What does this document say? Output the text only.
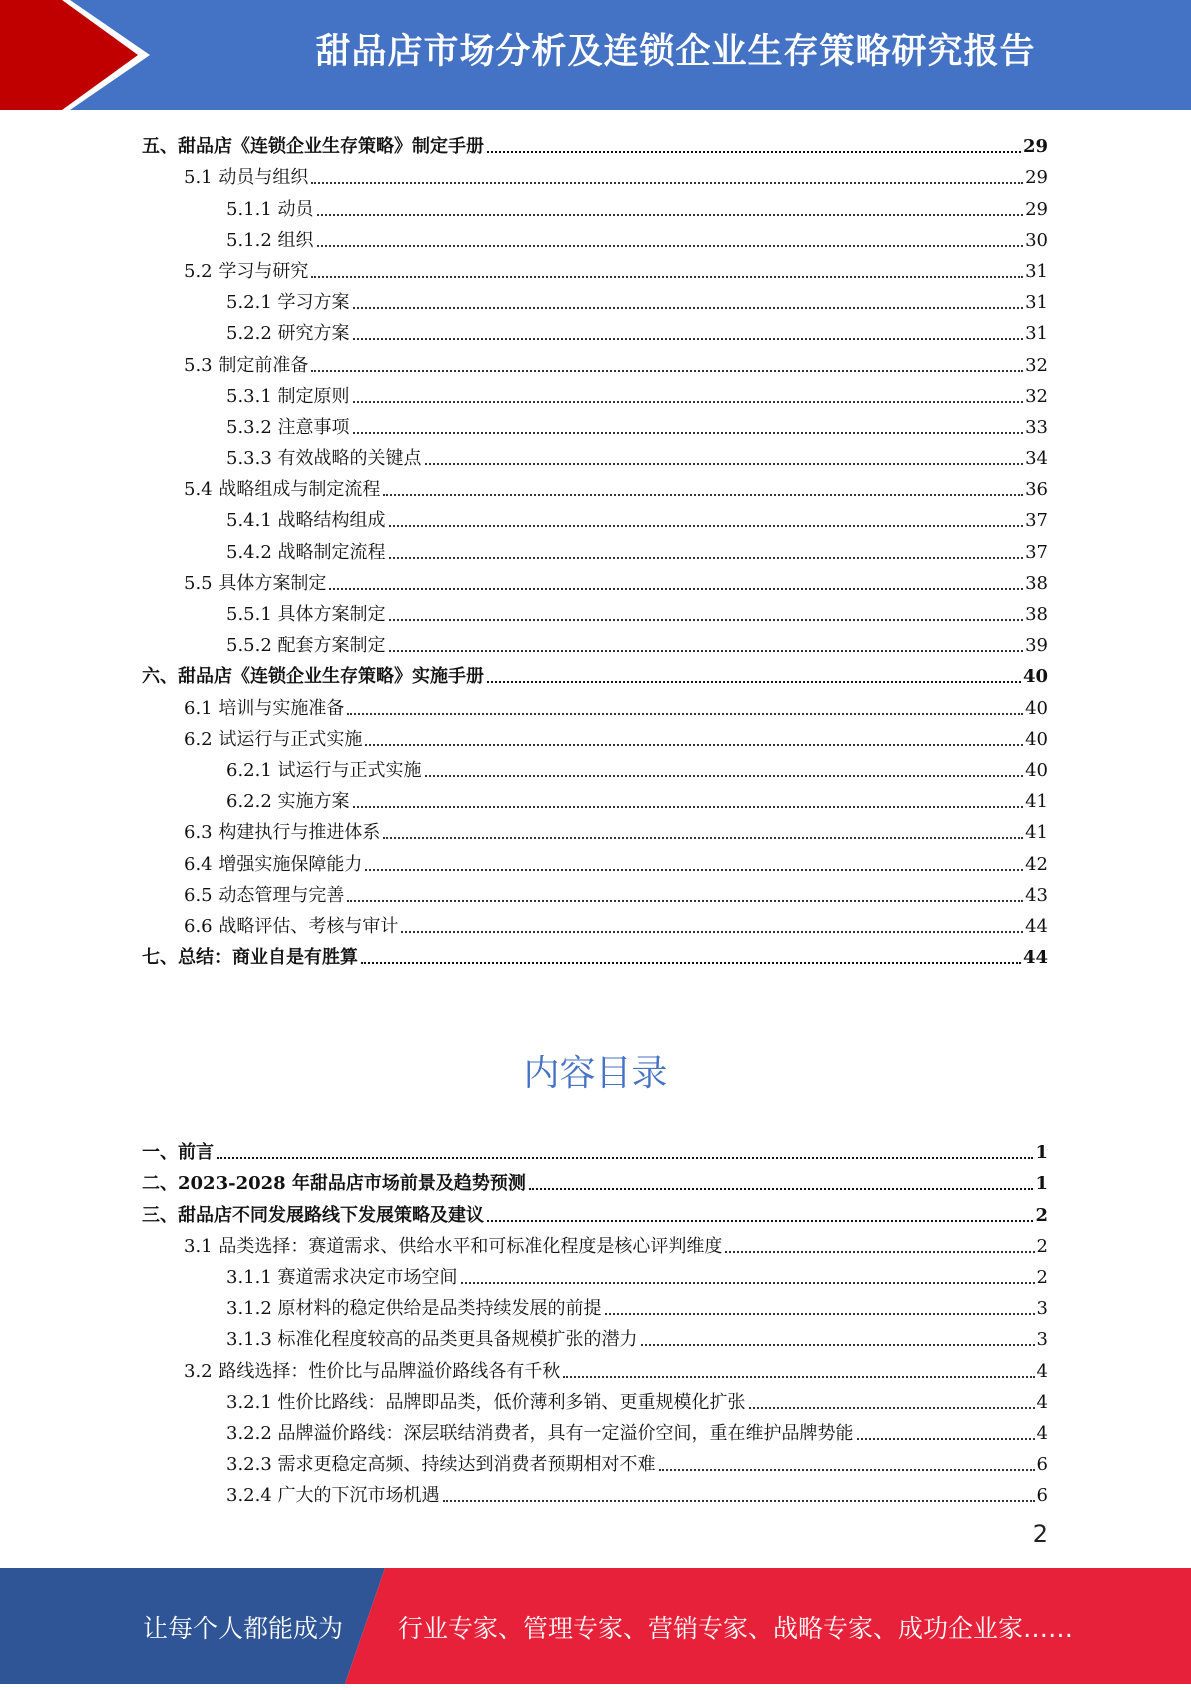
甜品店市场分析及连锁企业生存策略研究报告
五、甜品店《连锁企业生存策略》制定手册	29
5.1 动员与组织	29
5.1.1 动员	29
5.1.2 组织	30
5.2 学习与研究	31
5.2.1 学习方案	31
5.2.2 研究方案	31
5.3 制定前准备	32
5.3.1 制定原则	32
5.3.2 注意事项	33
5.3.3 有效战略的关键点	34
5.4 战略组成与制定流程	36
5.4.1 战略结构组成	37
5.4.2 战略制定流程	37
5.5 具体方案制定	38
5.5.1 具体方案制定	38
5.5.2 配套方案制定	39
六、甜品店《连锁企业生存策略》实施手册	40
6.1 培训与实施准备	40
6.2 试运行与正式实施	40
6.2.1 试运行与正式实施	40
6.2.2 实施方案	41
6.3 构建执行与推进体系	41
6.4 增强实施保障能力	42
6.5 动态管理与完善	43
6.6 战略评估、考核与审计	44
七、总结：商业自是有胜算	44
内容目录
一、前言	1
二、2023-2028 年甜品店市场前景及趋势预测	1
三、甜品店不同发展路线下发展策略及建议	2
3.1 品类选择：赛道需求、供给水平和可标准化程度是核心评判维度	2
3.1.1 赛道需求决定市场空间	2
3.1.2 原材料的稳定供给是品类持续发展的前提	3
3.1.3 标准化程度较高的品类更具备规模扩张的潜力	3
3.2 路线选择：性价比与品牌溢价路线各有千秋	4
3.2.1 性价比路线：品牌即品类，低价薄利多销、更重规模化扩张	4
3.2.2 品牌溢价路线：深层联结消费者，具有一定溢价空间，重在维护品牌势能	4
3.2.3 需求更稳定高频、持续达到消费者预期相对不难	6
3.2.4 广大的下沉市场机遇	6
2
让每个人都能成为 行业专家、管理专家、营销专家、战略专家、成功企业家……
